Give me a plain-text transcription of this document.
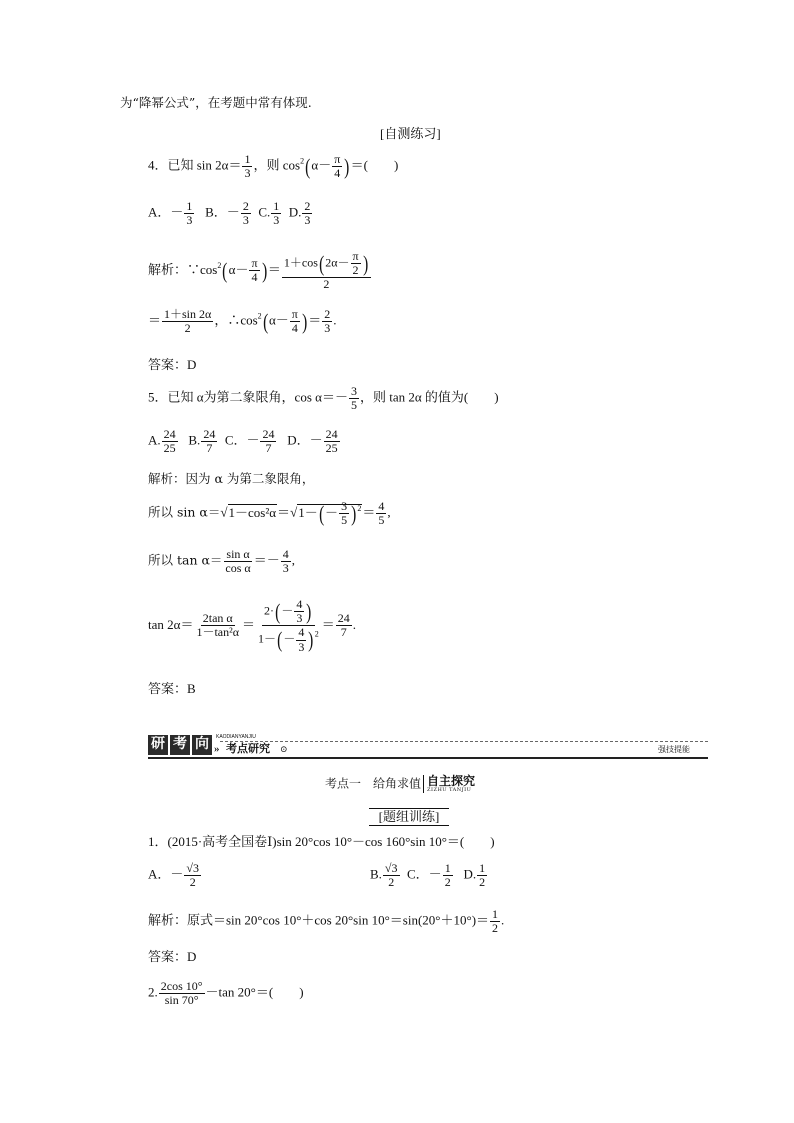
为“降幂公式”，在考题中常有体现.
[自测练习]
4．已知 $\sin 2\alpha= \frac{1}{3}$ ，则 $\cos^2(\alpha- \frac{\pi}{4}$ )＝(　　)
A．－ $\frac{1}{3}$ B．－ $\frac{2}{3} C$. $\frac{1}{3} D$. $\frac{2}{3}$
解析：$\because\cos^2(\alpha- \frac{\pi}{4}$ )＝ $\frac{1+\cos(2\alpha- \frac{\pi}{2} )}{2}$
＝ $\frac{1+\sin 2\alpha}{2}$ ，$\therefore\cos^2(\alpha- \frac{\pi}{4}$ )＝ $\frac{2}{3}$ .
答案：D
5．已知 α为第二象限角，$\cos \alpha=- \frac{3}{5}$ ，则 tan 2α 的值为(　　)
A. $\frac{24}{25} B$. $\frac{24}{7}$ C．－ $\frac{24}{7}$ D．－ $\frac{24}{25}$
解析：因为 α 为第二象限角，
所以 $\sin \alpha=√1-\cos^2\alpha=√1-(- \frac{3}{5} )^2= \frac{4}{5}$ ,
所以 $\tan \alpha= \frac{\text{sin α}}{\text{cos α}} =- \frac{4}{3}$ ,
$\tan 2\alpha= \frac{\text{2tan α}}{\text{1－tan²α}} = \frac{2\cdot(- \frac{4}{3} )}{1-(- \frac{4}{3} )^2} = \frac{24}{7}$ .
答案：B
研 考 向	KAODIANYANJIU
» 考点研究 ⊙	强技提能
考点一　给角求值 自主探究
ZIZHU TANJIU
[题组训练]
1．(2015·高考全国卷Ⅰ)sin 20°cos 10°－cos 160°sin 10°＝(　　)
A．－ $\frac{√3}{2}$	B. $\frac{√3}{2}$ C．－ $\frac{1}{2} D$. $\frac{1}{2}$
解析：原式＝sin 20°cos 10°＋cos 20°sin $10^\circ=\sin(20^\circ+10^\circ)= \frac{1}{2}$ .
答案：D
2. $\frac{2\cos 10^\circ}{\sin 70^\circ} -\tan$ 20°＝(　　)
